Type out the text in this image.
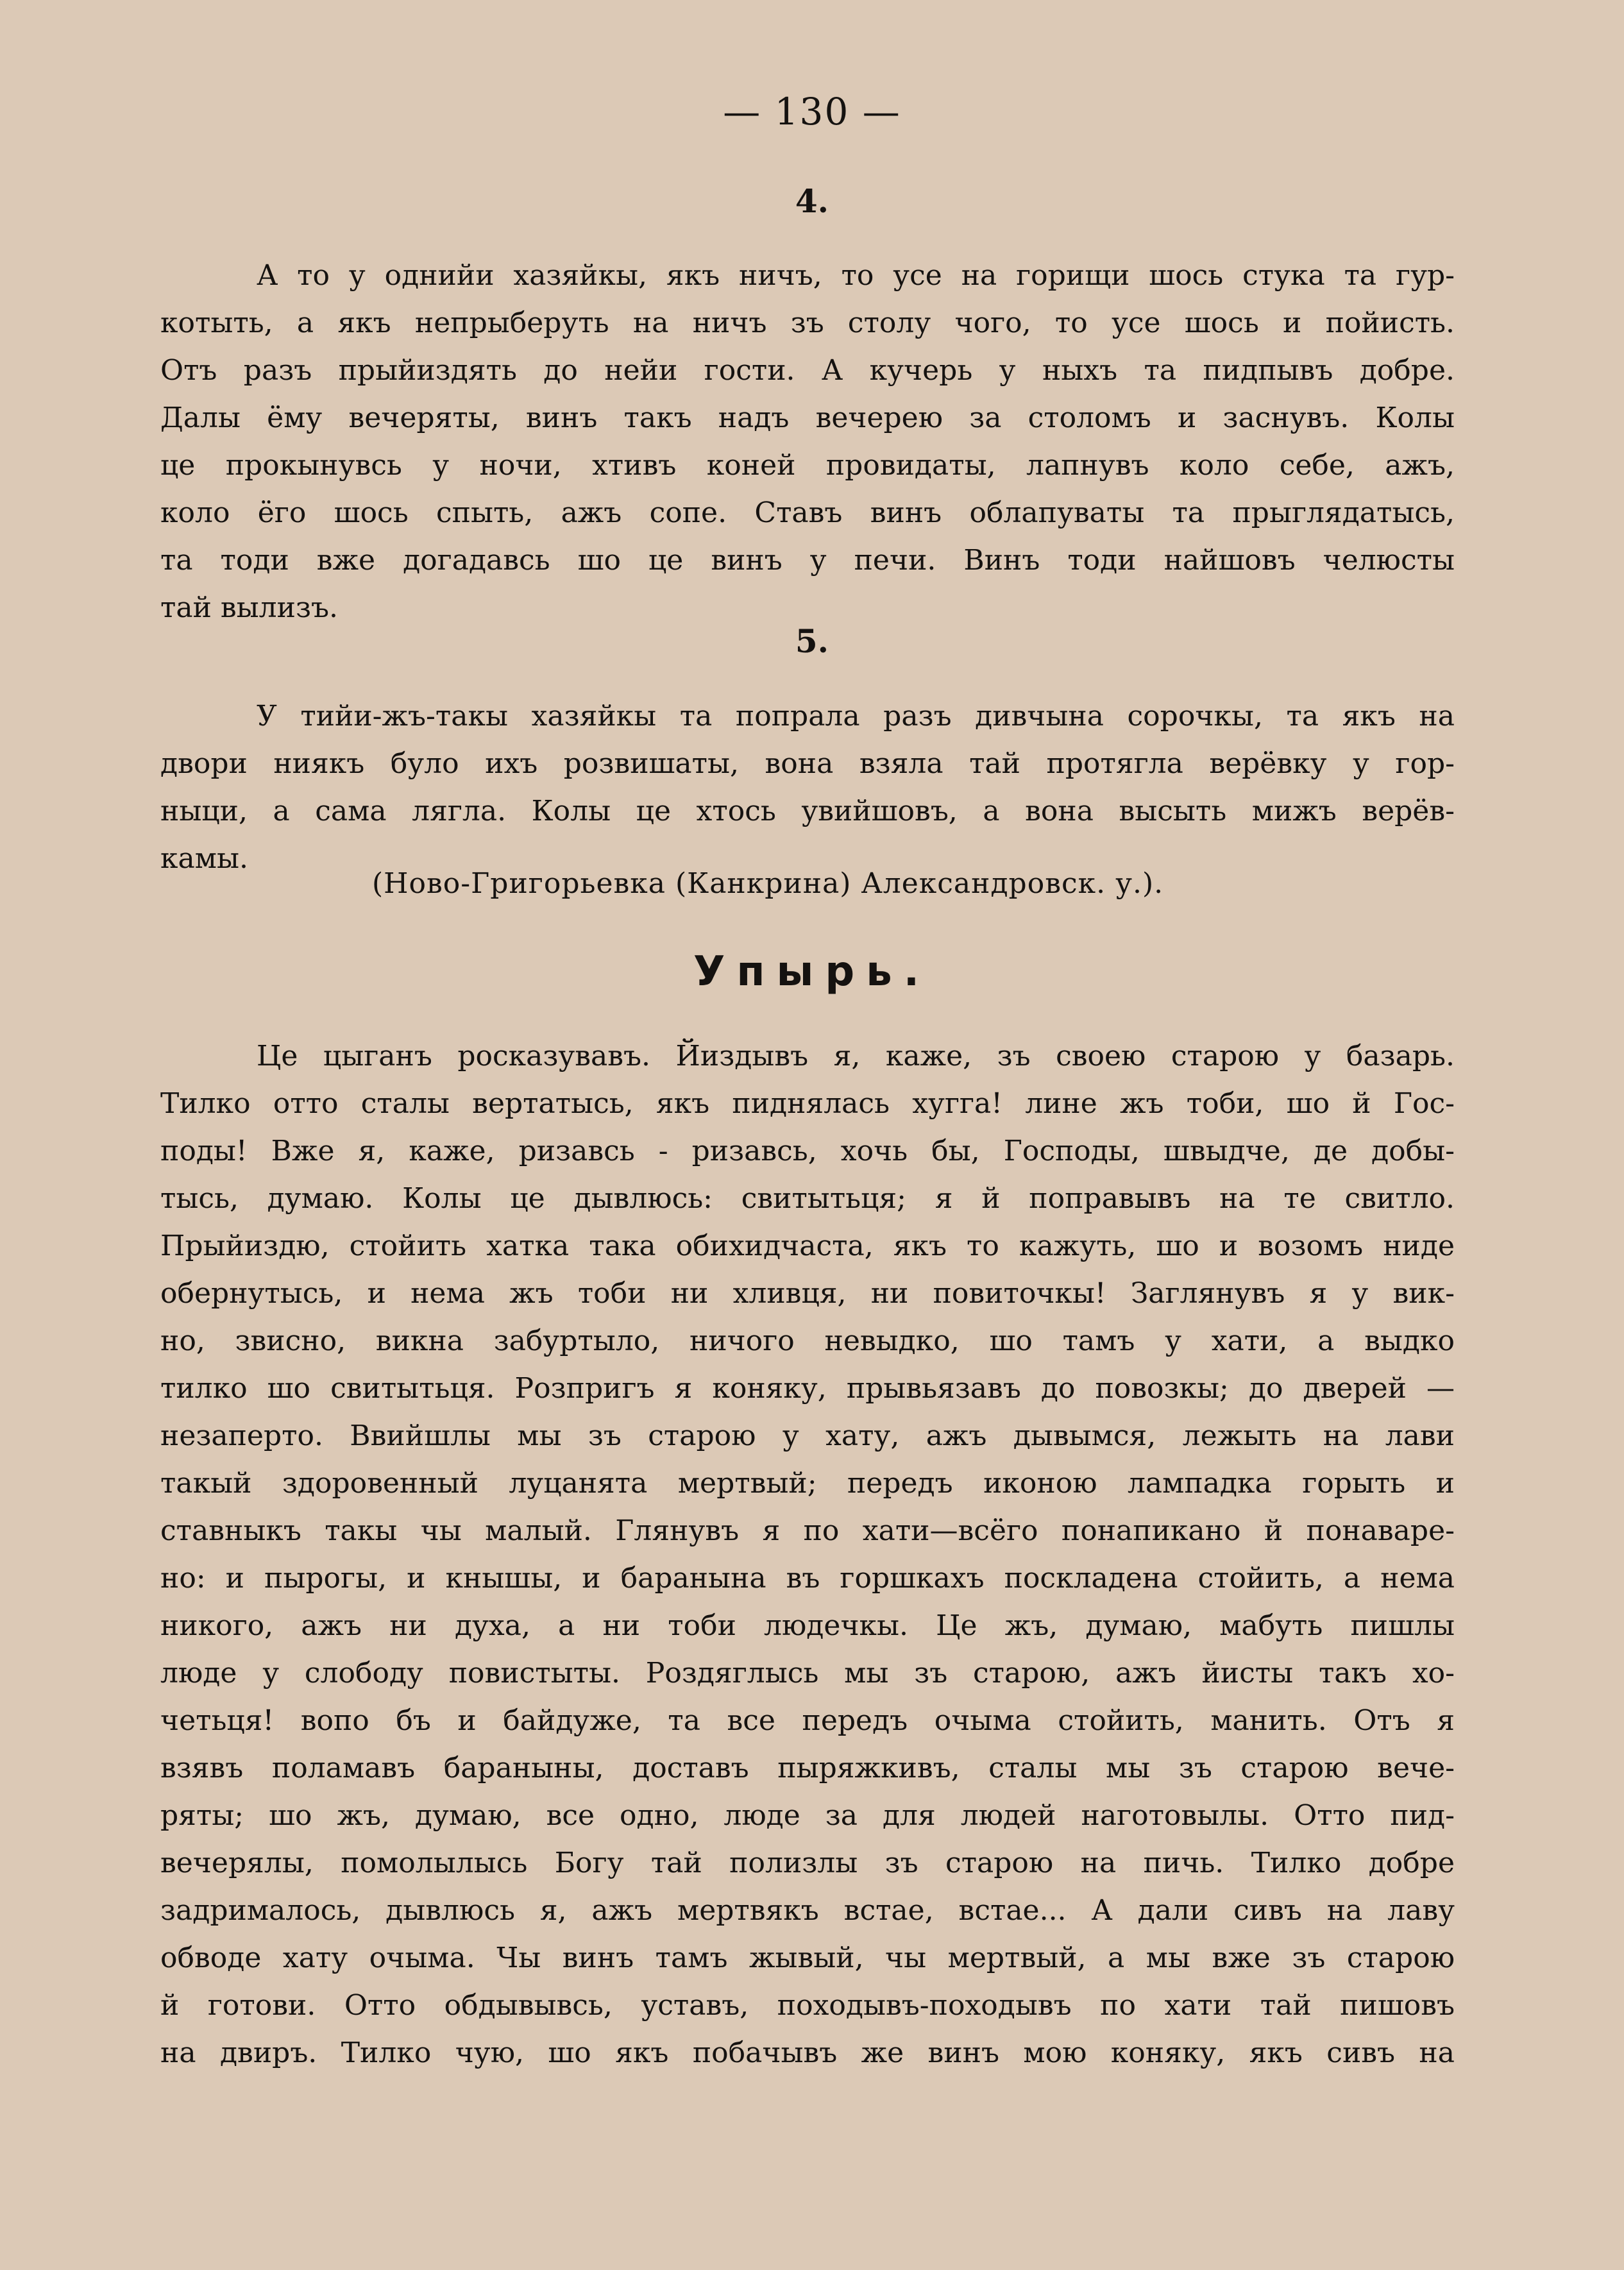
— 130 —
4.
А то у однийи хазяйкы, якъ ничъ, то усе на горищи шось стука та гур-
котыть, а якъ непрыберуть на ничъ зъ столу чого, то усе шось и пойисть.
Отъ разъ прыйиздять до нейи гости. А кучерь у ныхъ та пидпывъ добре.
Далы ёму вечеряты, винъ такъ надъ вечерею за столомъ и заснувъ. Колы
це прокынувсь у ночи, хтивъ коней провидаты, лапнувъ коло себе, ажъ,
коло ёго шось спыть, ажъ сопе. Ставъ винъ облапуваты та прыглядатысь,
та тоди вже догадавсь шо це винъ у печи. Винъ тоди найшовъ челюсты
тай вылизъ.
5.
У тийи-жъ-такы хазяйкы та попрала разъ дивчына сорочкы, та якъ на
двори ниякъ було ихъ розвишаты, вона взяла тай протягла верёвку у гор-
ныци, а сама лягла. Колы це хтось увийшовъ, а вона высыть мижъ верёв-
камы.
(Ново-Григорьевка (Канкрина) Александровск. у.).
Упырь.
Це цыганъ росказувавъ. Йиздывъ я, каже, зъ своею старою у базарь.
Тилко отто сталы вертатысь, якъ пиднялась хугга! лине жъ тоби, шо й Гос-
поды! Вже я, каже, ризавсь - ризавсь, хочь бы, Господы, швыдче, де добы-
тысь, думаю. Колы це дывлюсь: свитытьця; я й поправывъ на те свитло.
Прыйиздю, стойить хатка така обихидчаста, якъ то кажуть, шо и возомъ ниде
обернутысь, и нема жъ тоби ни хливця, ни повиточкы! Заглянувъ я у вик-
но, звисно, викна забуртыло, ничого невыдко, шо тамъ у хати, а выдко
тилко шо свитытьця. Розпригъ я коняку, прывьязавъ до повозкы; до дверей —
незаперто. Ввийшлы мы зъ старою у хату, ажъ дывымся, лежыть на лави
такый здоровенный луцанята мертвый; передъ иконою лампадка горыть и
ставныкъ такы чы малый. Глянувъ я по хати—всёго понапикано й понаваре-
но: и пырогы, и кнышы, и баранына въ горшкахъ поскладена стойить, а нема
никого, ажъ ни духа, а ни тоби людечкы. Це жъ, думаю, мабуть пишлы
люде у слободу повистыты. Роздяглысь мы зъ старою, ажъ йисты такъ хо-
четьця! вопо бъ и байдуже, та все передъ очыма стойить, манить. Отъ я
взявъ поламавъ бараныны, доставъ пыряжкивъ, сталы мы зъ старою вече-
ряты; шо жъ, думаю, все одно, люде за для людей наготовылы. Отто пид-
вечерялы, помолылысь Богу тай полизлы зъ старою на пичь. Тилко добре
задрималось, дывлюсь я, ажъ мертвякъ встае, встае... А дали сивъ на лаву
обводе хату очыма. Чы винъ тамъ жывый, чы мертвый, а мы вже зъ старою
й готови. Отто обдывывсь, уставъ, походывъ-походывъ по хати тай пишовъ
на двиръ. Тилко чую, шо якъ побачывъ же винъ мою коняку, якъ сивъ на
